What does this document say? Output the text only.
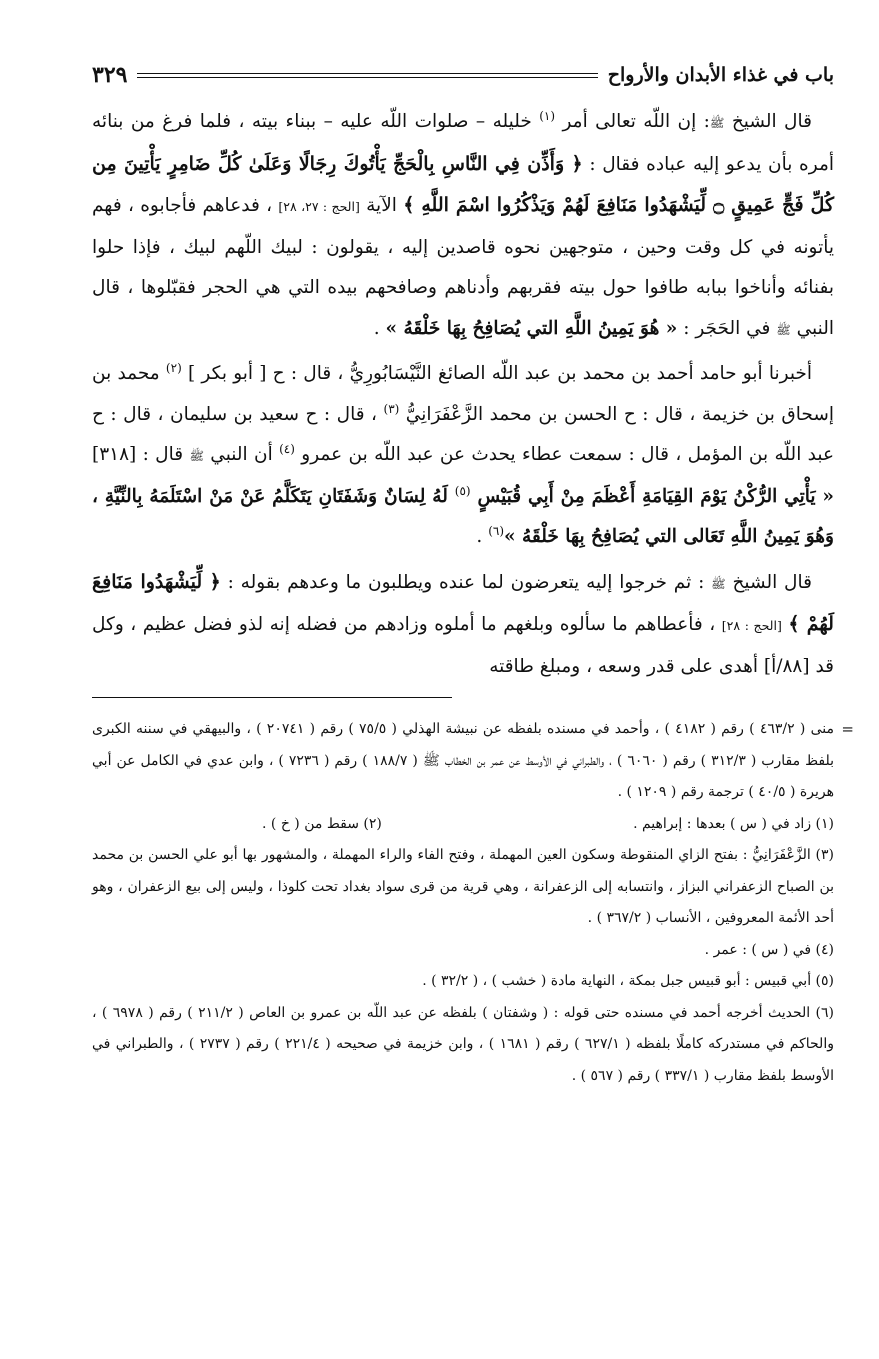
باب في غذاء الأبدان والأرواح
٣٢٩

قال الشيخ ﷺ: إن اللّه تعالى أمر $^{(١)}$ خليله – صلوات اللّه عليه – ببناء بيته ، فلما فرغ من بنائه أمره بأن يدعو إليه عباده فقال : ﴿ وَأَذِّن فِي النَّاسِ بِالْحَجِّ يَأْتُوكَ رِجَالًا وَعَلَىٰ كُلِّ ضَامِرٍ يَأْتِينَ مِن كُلِّ فَجٍّ عَمِيقٍ ۝ لِّيَشْهَدُوا مَنَافِعَ لَهُمْ وَيَذْكُرُوا اسْمَ اللَّهِ ﴾ الآية [الحج : ٢٧، ٢٨] ، فدعاهم فأجابوه ، فهم يأتونه في كل وقت وحين ، متوجهين نحوه قاصدين إليه ، يقولون : لبيك اللّهم لبيك ، فإذا حلوا بفنائه وأناخوا ببابه طافوا حول بيته فقربهم وأدناهم وصافحهم بيده التي هي الحجر فقبّلوها ، قال النبي ﷺ في الحَجَر : « هُوَ يَمِينُ اللَّهِ التي يُصَافِحُ بِهَا خَلْقَهُ » .

أخبرنا أبو حامد أحمد بن محمد بن عبد اللّه الصائغ النَّيْسَابُورِيُّ ، قال : ح [ أبو بكر ] $^{(٢)}$ محمد بن إسحاق بن خزيمة ، قال : ح الحسن بن محمد الزَّعْفَرَانِيُّ $^{(٣)}$ ، قال : ح سعيد بن سليمان ، قال : ح عبد اللّه بن المؤمل ، قال : سمعت عطاء يحدث عن عبد اللّه بن عمرو $^{(٤)}$ أن النبي ﷺ قال : [٣١٨] « يَأْتِي الرُّكْنُ يَوْمَ القِيَامَةِ أَعْظَمَ مِنْ أَبِي قُبَيْسٍ $^{(٥)}$ لَهُ لِسَانٌ وَشَفَتَانِ يَتَكَلَّمُ عَنْ مَنْ اسْتَلَمَهُ بِالنِّيَّةِ ، وَهُوَ يَمِينُ اللَّهِ تَعَالى التي يُصَافِحُ بِهَا خَلْقَهُ »$^{(٦)}$ .

قال الشيخ ﷺ : ثم خرجوا إليه يتعرضون لما عنده ويطلبون ما وعدهم بقوله : ﴿ لِّيَشْهَدُوا مَنَافِعَ لَهُمْ ﴾ [الحج : ٢٨] ، فأعطاهم ما سألوه وبلغهم ما أملوه وزادهم من فضله إنه لذو فضل عظيم ، وكل قد [٨٨/أ] أهدى على قدر وسعه ، ومبلغ طاقته

=
منى ( ٤٦٣/٢ ) رقم ( ٤١٨٢ ) ، وأحمد في مسنده بلفظه عن نبيشة الهذلي ( ٧٥/٥ ) رقم ( ٢٠٧٤١ ) ، والبيهقي في سننه الكبرى بلفظ مقارب ( ٣١٢/٣ ) رقم ( ٦٠٦٠ ) ، والطبراني في الأوسط عن عمر بن الخطاب ﷺ ( ١٨٨/٧ ) رقم ( ٧٢٣٦ ) ، وابن عدي في الكامل عن أبي هريرة ( ٤٠/٥ ) ترجمة رقم ( ١٢٠٩ ) .

(١) زاد في ( س ) بعدها : إبراهيم .
(٢) سقط من ( خ ) .

(٣) الزَّعْفَرَانِيُّ : بفتح الزاي المنقوطة وسكون العين المهملة ، وفتح الفاء والراء المهملة ، والمشهور بها أبو علي الحسن بن محمد بن الصباح الزعفراني البزاز ، وانتسابه إلى الزعفرانة ، وهي قرية من قرى سواد بغداد تحت كلوذا ، وليس إلى بيع الزعفران ، وهو أحد الأئمة المعروفين ، الأنساب ( ٣٦٧/٢ ) .

(٤) في ( س ) : عمر .

(٥) أبي قبيس : أبو قبيس جبل بمكة ، النهاية مادة ( خشب ) ، ( ٣٢/٢ ) .

(٦) الحديث أخرجه أحمد في مسنده حتى قوله : ( وشفتان ) بلفظه عن عبد اللّه بن عمرو بن العاص ( ٢١١/٢ ) رقم ( ٦٩٧٨ ) ، والحاكم في مستدركه كاملًا بلفظه ( ٦٢٧/١ ) رقم ( ١٦٨١ ) ، وابن خزيمة في صحيحه ( ٢٢١/٤ ) رقم ( ٢٧٣٧ ) ، والطبراني في الأوسط بلفظ مقارب ( ٣٣٧/١ ) رقم ( ٥٦٧ ) .
